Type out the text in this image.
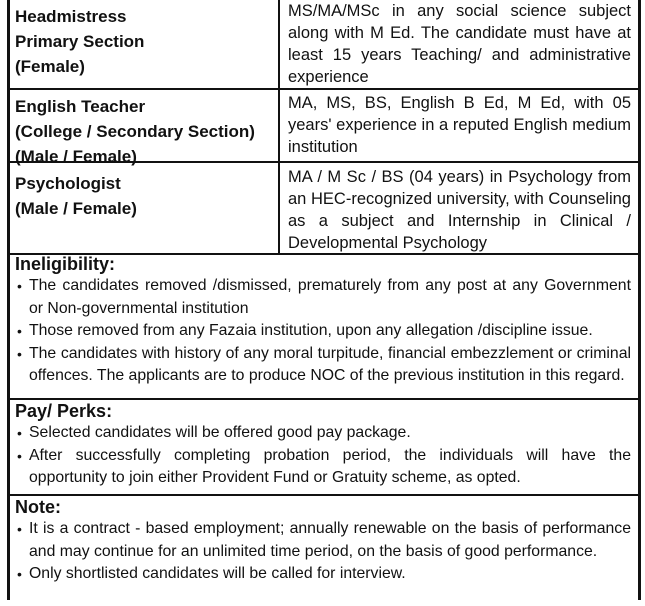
Headmistress
Primary Section
(Female)
MS/MA/MSc in any social science subject along with M Ed. The candidate must have at least 15 years Teaching/ and administrative experience
English Teacher
(College / Secondary Section)
(Male / Female)
MA, MS, BS, English B Ed, M Ed, with 05 years' experience in a reputed English medium institution
Psychologist
(Male / Female)
MA / M Sc / BS (04 years) in Psychology from an HEC-recognized university, with Counseling as a subject and Internship in Clinical / Developmental Psychology
Ineligibility:
• The candidates removed /dismissed, prematurely from any post at any Government or Non-governmental institution
• Those removed from any Fazaia institution, upon any allegation /discipline issue.
• The candidates with history of any moral turpitude, financial embezzlement or criminal offences. The applicants are to produce NOC of the previous institution in this regard.
Pay/ Perks:
• Selected candidates will be offered good pay package.
• After successfully completing probation period, the individuals will have the opportunity to join either Provident Fund or Gratuity scheme, as opted.
Note:
• It is a contract - based employment; annually renewable on the basis of performance and may continue for an unlimited time period, on the basis of good performance.
• Only shortlisted candidates will be called for interview.
